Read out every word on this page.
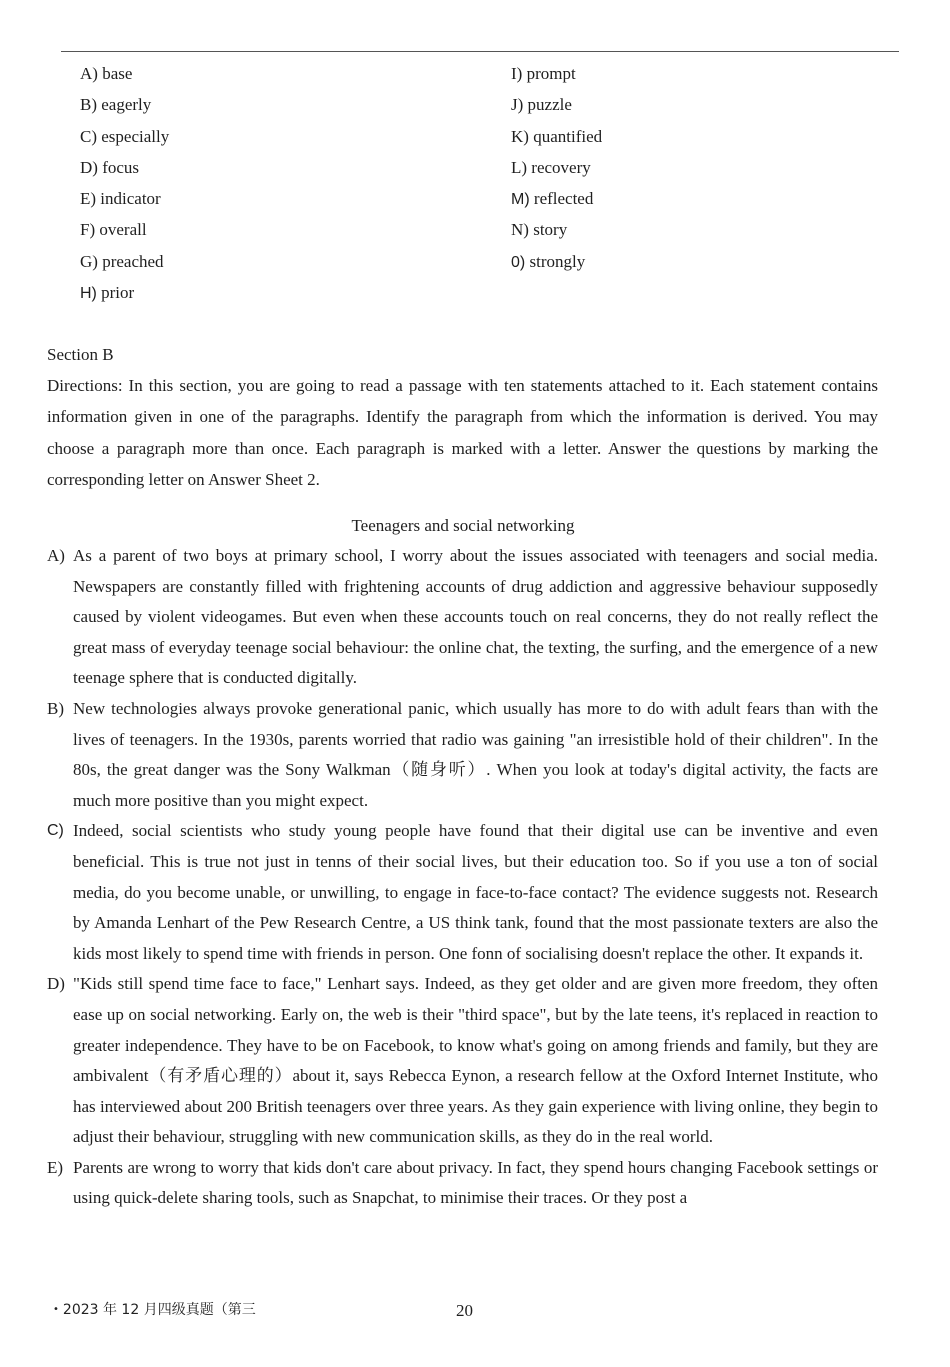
A) base
B) eagerly
C) especially
D) focus
E) indicator
F) overall
G) preached
H) prior
I) prompt
J) puzzle
K) quantified
L) recovery
M) reflected
N) story
0) strongly
Section B
Directions: In this section, you are going to read a passage with ten statements attached to it. Each statement contains information given in one of the paragraphs. Identify the paragraph from which the information is derived. You may choose a paragraph more than once. Each paragraph is marked with a letter. Answer the questions by marking the corresponding letter on Answer Sheet 2.
Teenagers and social networking
A) As a parent of two boys at primary school, I worry about the issues associated with teenagers and social media. Newspapers are constantly filled with frightening accounts of drug addiction and aggressive behaviour supposedly caused by violent videogames. But even when these accounts touch on real concerns, they do not really reflect the great mass of everyday teenage social behaviour: the online chat, the texting, the surfing, and the emergence of a new teenage sphere that is conducted digitally.
B) New technologies always provoke generational panic, which usually has more to do with adult fears than with the lives of teenagers. In the 1930s, parents worried that radio was gaining "an irresistible hold of their children". In the 80s, the great danger was the Sony Walkman（随身听）. When you look at today's digital activity, the facts are much more positive than you might expect.
C) Indeed, social scientists who study young people have found that their digital use can be inventive and even beneficial. This is true not just in tenns of their social lives, but their education too. So if you use a ton of social media, do you become unable, or unwilling, to engage in face-to-face contact? The evidence suggests not. Research by Amanda Lenhart of the Pew Research Centre, a US think tank, found that the most passionate texters are also the kids most likely to spend time with friends in person. One fonn of socialising doesn't replace the other. It expands it.
D) "Kids still spend time face to face," Lenhart says. Indeed, as they get older and are given more freedom, they often ease up on social networking. Early on, the web is their "third space", but by the late teens, it's replaced in reaction to greater independence. They have to be on Facebook, to know what's going on among friends and family, but they are ambivalent（有矛盾心理的）about it, says Rebecca Eynon, a research fellow at the Oxford Internet Institute, who has interviewed about 200 British teenagers over three years. As they gain experience with living online, they begin to adjust their behaviour, struggling with new communication skills, as they do in the real world.
E) Parents are wrong to worry that kids don't care about privacy. In fact, they spend hours changing Facebook settings or using quick-delete sharing tools, such as Snapchat, to minimise their traces. Or they post a
• 2023 年 12 月四级真题（第三	20
